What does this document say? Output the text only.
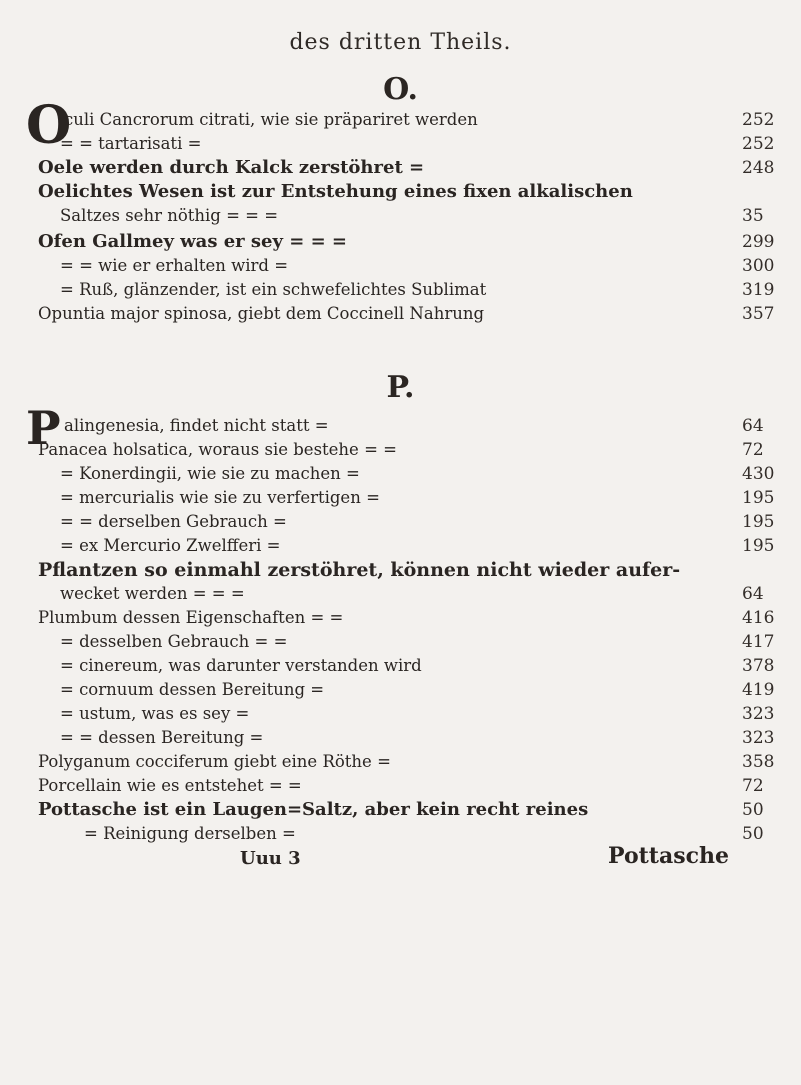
des dritten Theils.
O.
O
culi Cancrorum citrati, wie sie präpariret werden	252
= = tartarisati =	252
Oele werden durch Kalck zerstöhret =	248
Oelichtes Wesen ist zur Entstehung eines fixen alkalischen
Saltzes sehr nöthig = = =	35
Ofen Gallmey was er sey = = =	299
= = wie er erhalten wird =	300
= Ruß, glänzender, ist ein schwefelichtes Sublimat	319
Opuntia major spinosa, giebt dem Coccinell Nahrung	357
P.
P alingenesia, findet nicht statt =	64
Panacea holsatica, woraus sie bestehe = =	72
= Konerdingii, wie sie zu machen =	430
= mercurialis wie sie zu verfertigen =	195
= = derselben Gebrauch =	195
= ex Mercurio Zwelfferi =	195
Pflantzen so einmahl zerstöhret, können nicht wieder aufer-
wecket werden = = =	64
Plumbum dessen Eigenschaften = =	416
= desselben Gebrauch = =	417
= cinereum, was darunter verstanden wird	378
= cornuum dessen Bereitung =	419
= ustum, was es sey =	323
= = dessen Bereitung =	323
Polyganum cocciferum giebt eine Röthe =	358
Porcellain wie es entstehet = =	72
Pottasche ist ein Laugen=Saltz, aber kein recht reines	50
= Reinigung derselben =	50
Uuu 3	Pottasche
